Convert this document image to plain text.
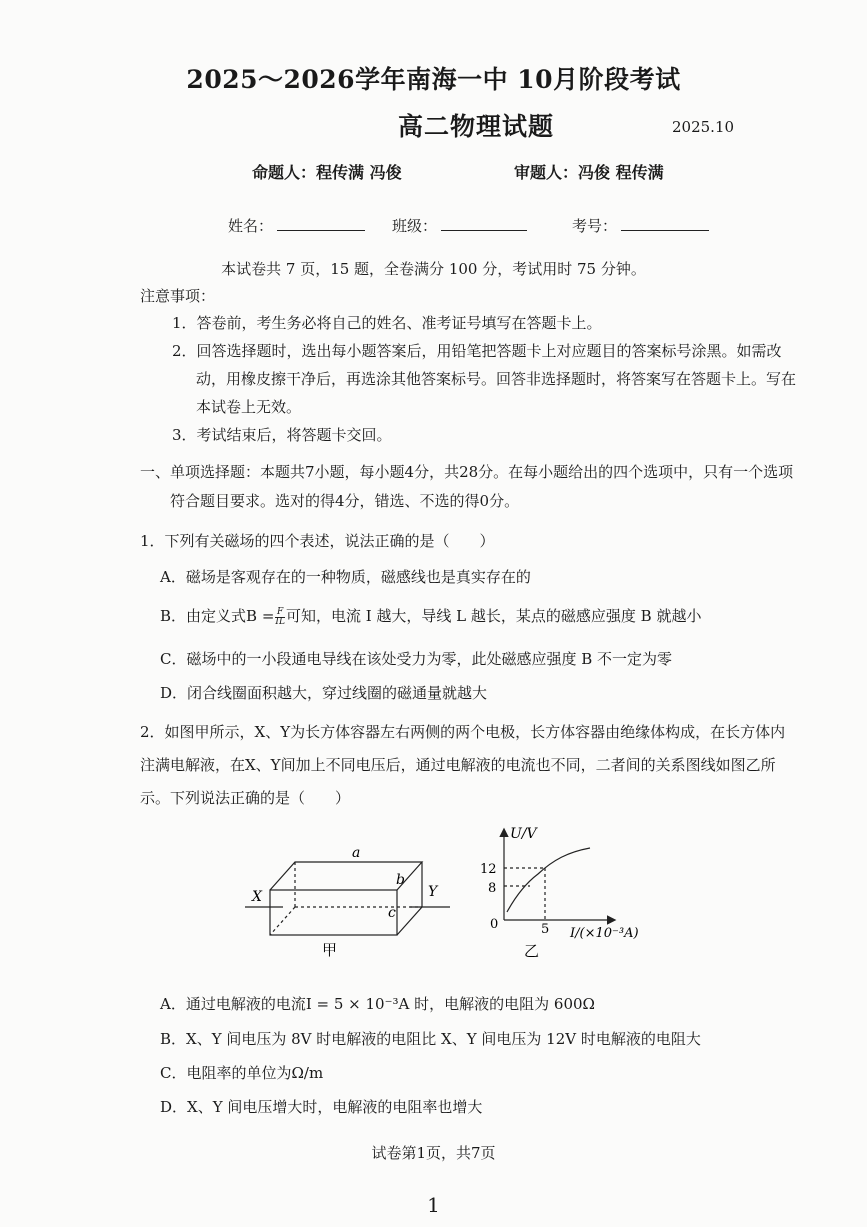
2025～2026学年南海一中 10月阶段考试
高二物理试题	2025.10
命题人：程传满 冯俊	审题人：冯俊 程传满
姓名：	班级：	考号：
本试卷共 7 页，15 题，全卷满分 100 分，考试用时 75 分钟。
注意事项：
1．答卷前，考生务必将自己的姓名、准考证号填写在答题卡上。
2．回答选择题时，选出每小题答案后，用铅笔把答题卡上对应题目的答案标号涂黑。如需改动，用橡皮擦干净后，再选涂其他答案标号。回答非选择题时，将答案写在答题卡上。写在本试卷上无效。
3．考试结束后，将答题卡交回。
一、单项选择题：本题共7小题，每小题4分，共28分。在每小题给出的四个选项中，只有一个选项符合题目要求。选对的得4分，错选、不选的得0分。
1．下列有关磁场的四个表述，说法正确的是（　　）
A．磁场是客观存在的一种物质，磁感线也是真实存在的
B．由定义式$B = \frac{F}{IL}$ 可知，电流 I 越大，导线 L 越长，某点的磁感应强度 B 就越小
C．磁场中的一小段通电导线在该处受力为零，此处磁感应强度 B 不一定为零
D．闭合线圈面积越大，穿过线圈的磁通量就越大
2．如图甲所示，X、Y为长方体容器左右两侧的两个电极，长方体容器由绝缘体构成，在长方体内注满电解液，在X、Y间加上不同电压后，通过电解液的电流也不同，二者间的关系图线如图乙所示。下列说法正确的是（　　）
a
b
c
X	Y
甲
U/V
12
8
0	5 I/(×10⁻³A)
乙
A．通过电解液的电流I = 5 × 10⁻³A 时，电解液的电阻为 600Ω
B．X、Y 间电压为 8V 时电解液的电阻比 X、Y 间电压为 12V 时电解液的电阻大
C．电阻率的单位为Ω/m
D．X、Y 间电压增大时，电解液的电阻率也增大
试卷第1页，共7页
1
